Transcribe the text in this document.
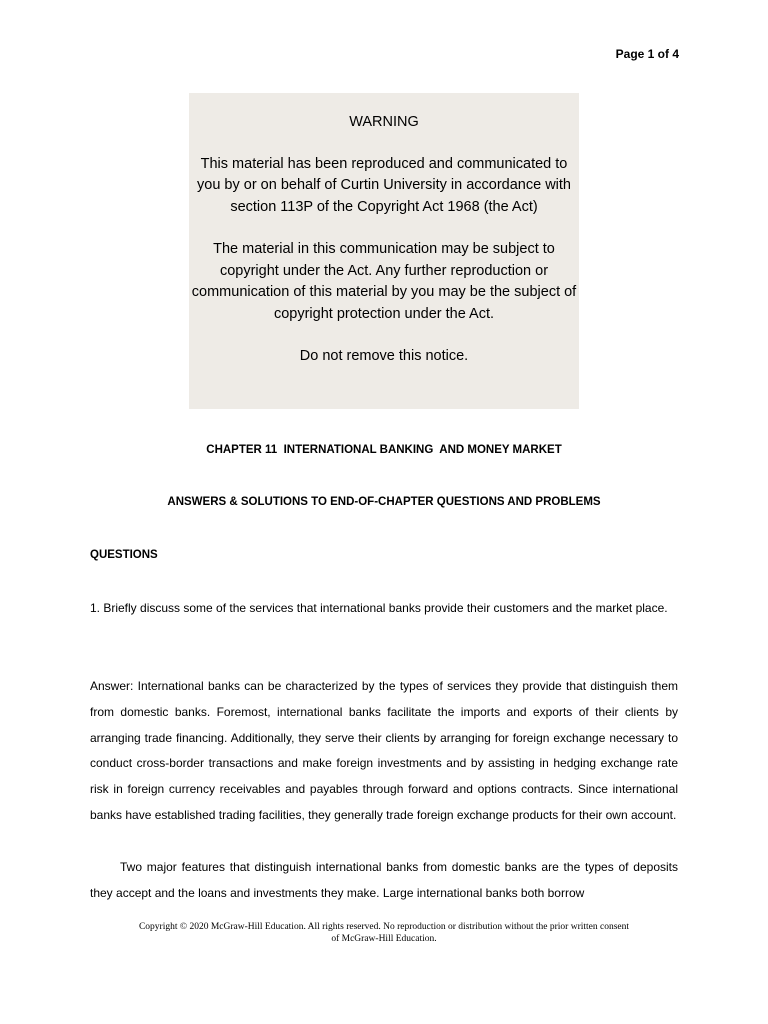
Page 1 of 4
WARNING

This material has been reproduced and communicated to you by or on behalf of Curtin University in accordance with section 113P of the Copyright Act 1968 (the Act)

The material in this communication may be subject to copyright under the Act. Any further reproduction or communication of this material by you may be the subject of copyright protection under the Act.

Do not remove this notice.

CHAPTER 11  INTERNATIONAL BANKING  AND MONEY MARKET
ANSWERS & SOLUTIONS TO END-OF-CHAPTER QUESTIONS AND PROBLEMS
QUESTIONS

1. Briefly discuss some of the services that international banks provide their customers and the market place.

Answer: International banks can be characterized by the types of services they provide that distinguish them from domestic banks. Foremost, international banks facilitate the imports and exports of their clients by arranging trade financing. Additionally, they serve their clients by arranging for foreign exchange necessary to conduct cross-border transactions and make foreign investments and by assisting in hedging exchange rate risk in foreign currency receivables and payables through forward and options contracts. Since international banks have established trading facilities, they generally trade foreign exchange products for their own account.

Two major features that distinguish international banks from domestic banks are the types of deposits they accept and the loans and investments they make. Large international banks both borrow

Copyright © 2020 McGraw-Hill Education. All rights reserved. No reproduction or distribution without the prior written consent
of McGraw-Hill Education.
